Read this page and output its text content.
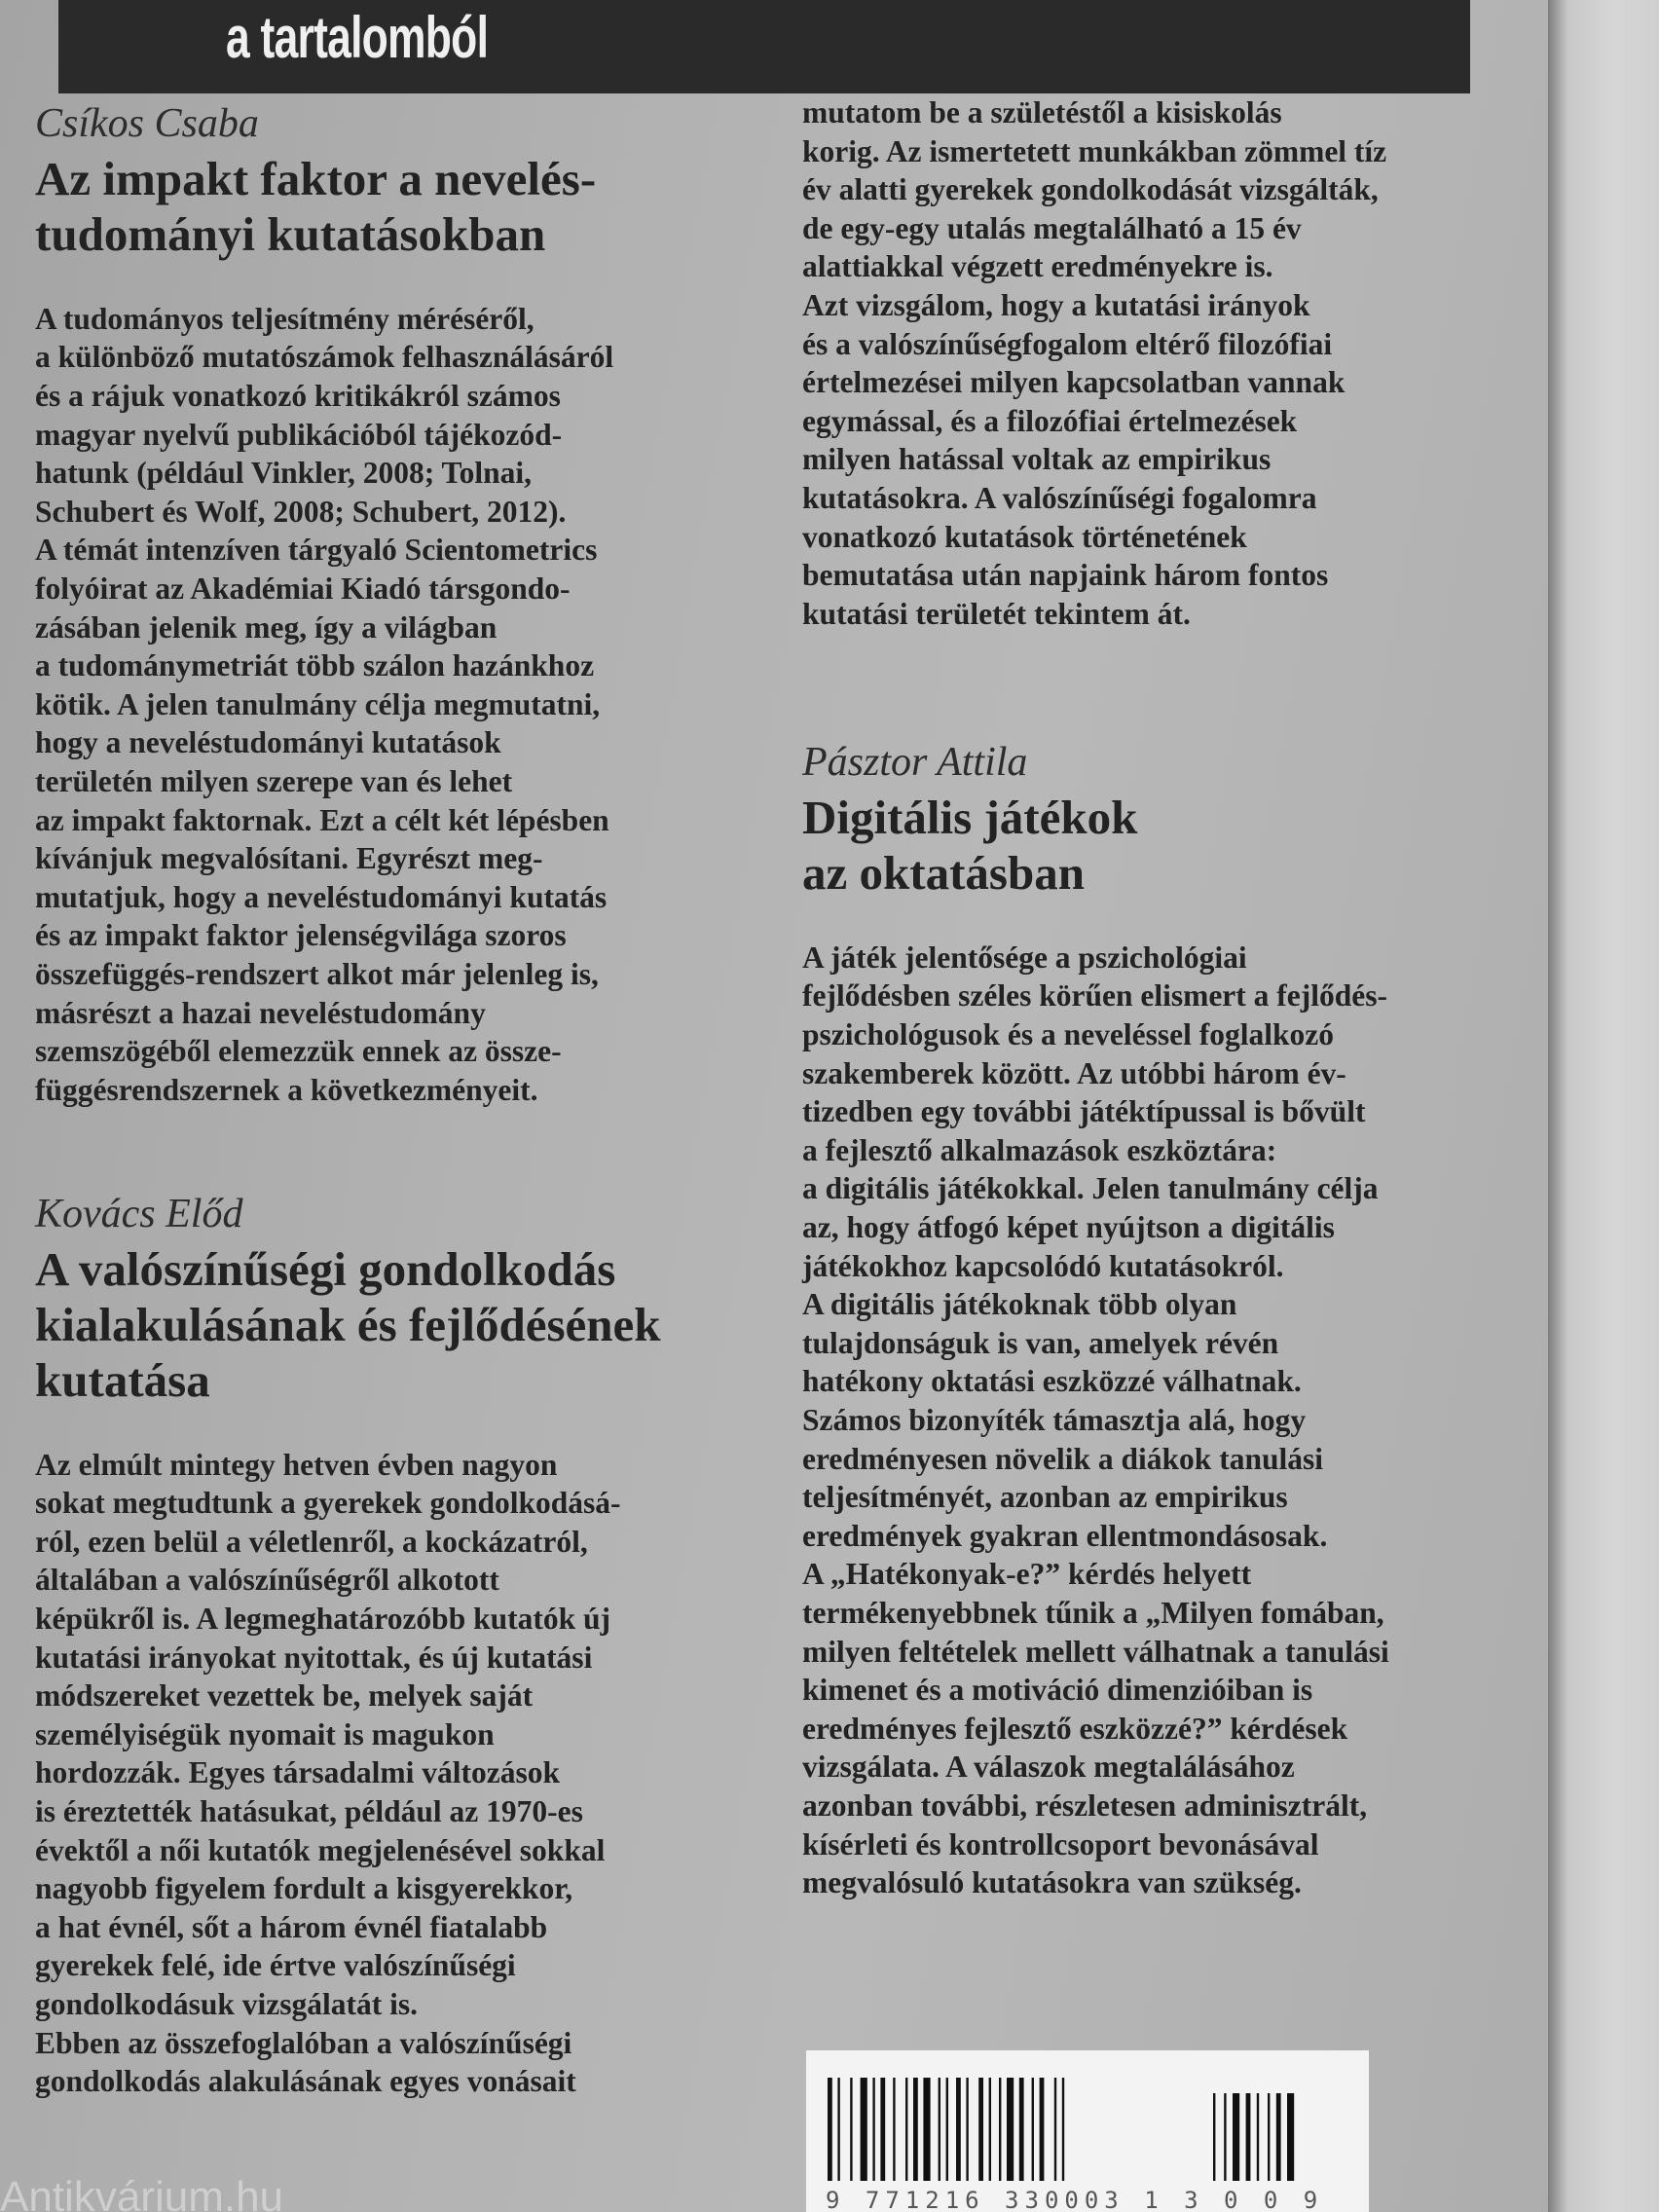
a tartalomból
Csíkos Csaba
Az impakt faktor a nevelés-
tudományi kutatásokban

A tudományos teljesítmény méréséről,

a különböző mutatószámok felhasználásáról

és a rájuk vonatkozó kritikákról számos

magyar nyelvű publikációból tájékozód-

hatunk (például Vinkler, 2008; Tolnai,

Schubert és Wolf, 2008; Schubert, 2012).

A témát intenzíven tárgyaló Scientometrics

folyóirat az Akadémiai Kiadó társgondo-

zásában jelenik meg, így a világban

a tudománymetriát több szálon hazánkhoz

kötik. A jelen tanulmány célja megmutatni,

hogy a neveléstudományi kutatások

területén milyen szerepe van és lehet

az impakt faktornak. Ezt a célt két lépésben

kívánjuk megvalósítani. Egyrészt meg-

mutatjuk, hogy a neveléstudományi kutatás

és az impakt faktor jelenségvilága szoros

összefüggés-rendszert alkot már jelenleg is,

másrészt a hazai neveléstudomány

szemszögéből elemezzük ennek az össze-

függésrendszernek a következményeit.

Kovács Előd
A valószínűségi gondolkodás
kialakulásának és fejlődésének
kutatása

Az elmúlt mintegy hetven évben nagyon

sokat megtudtunk a gyerekek gondolkodásá-

ról, ezen belül a véletlenről, a kockázatról,

általában a valószínűségről alkotott

képükről is. A legmeghatározóbb kutatók új

kutatási irányokat nyitottak, és új kutatási

módszereket vezettek be, melyek saját

személyiségük nyomait is magukon

hordozzák. Egyes társadalmi változások

is éreztették hatásukat, például az 1970-es

évektől a női kutatók megjelenésével sokkal

nagyobb figyelem fordult a kisgyerekkor,

a hat évnél, sőt a három évnél fiatalabb

gyerekek felé, ide értve valószínűségi

gondolkodásuk vizsgálatát is.

Ebben az összefoglalóban a valószínűségi

gondolkodás alakulásának egyes vonásait

mutatom be a születéstől a kisiskolás

korig. Az ismertetett munkákban zömmel tíz

év alatti gyerekek gondolkodását vizsgálták,

de egy-egy utalás megtalálható a 15 év

alattiakkal végzett eredményekre is.

Azt vizsgálom, hogy a kutatási irányok

és a valószínűségfogalom eltérő filozófiai

értelmezései milyen kapcsolatban vannak

egymással, és a filozófiai értelmezések

milyen hatással voltak az empirikus

kutatásokra. A valószínűségi fogalomra

vonatkozó kutatások történetének

bemutatása után napjaink három fontos

kutatási területét tekintem át.

Pásztor Attila
Digitális játékok
az oktatásban

A játék jelentősége a pszichológiai

fejlődésben széles körűen elismert a fejlődés-

pszichológusok és a neveléssel foglalkozó

szakemberek között. Az utóbbi három év-

tizedben egy további játéktípussal is bővült

a fejlesztő alkalmazások eszköztára:

a digitális játékokkal. Jelen tanulmány célja

az, hogy átfogó képet nyújtson a digitális

játékokhoz kapcsolódó kutatásokról.

A digitális játékoknak több olyan

tulajdonságuk is van, amelyek révén

hatékony oktatási eszközzé válhatnak.

Számos bizonyíték támasztja alá, hogy

eredményesen növelik a diákok tanulási

teljesítményét, azonban az empirikus

eredmények gyakran ellentmondásosak.

A „Hatékonyak-e?” kérdés helyett

termékenyebbnek tűnik a „Milyen fomában,

milyen feltételek mellett válhatnak a tanulási

kimenet és a motiváció dimenzióiban is

eredményes fejlesztő eszközzé?” kérdések

vizsgálata. A válaszok megtalálásához

azonban további, részletesen adminisztrált,

kísérleti és kontrollcsoport bevonásával

megvalósuló kutatásokra van szükség.

9 771216 330003 1 3 0 0 9
Antikvárium.hu
